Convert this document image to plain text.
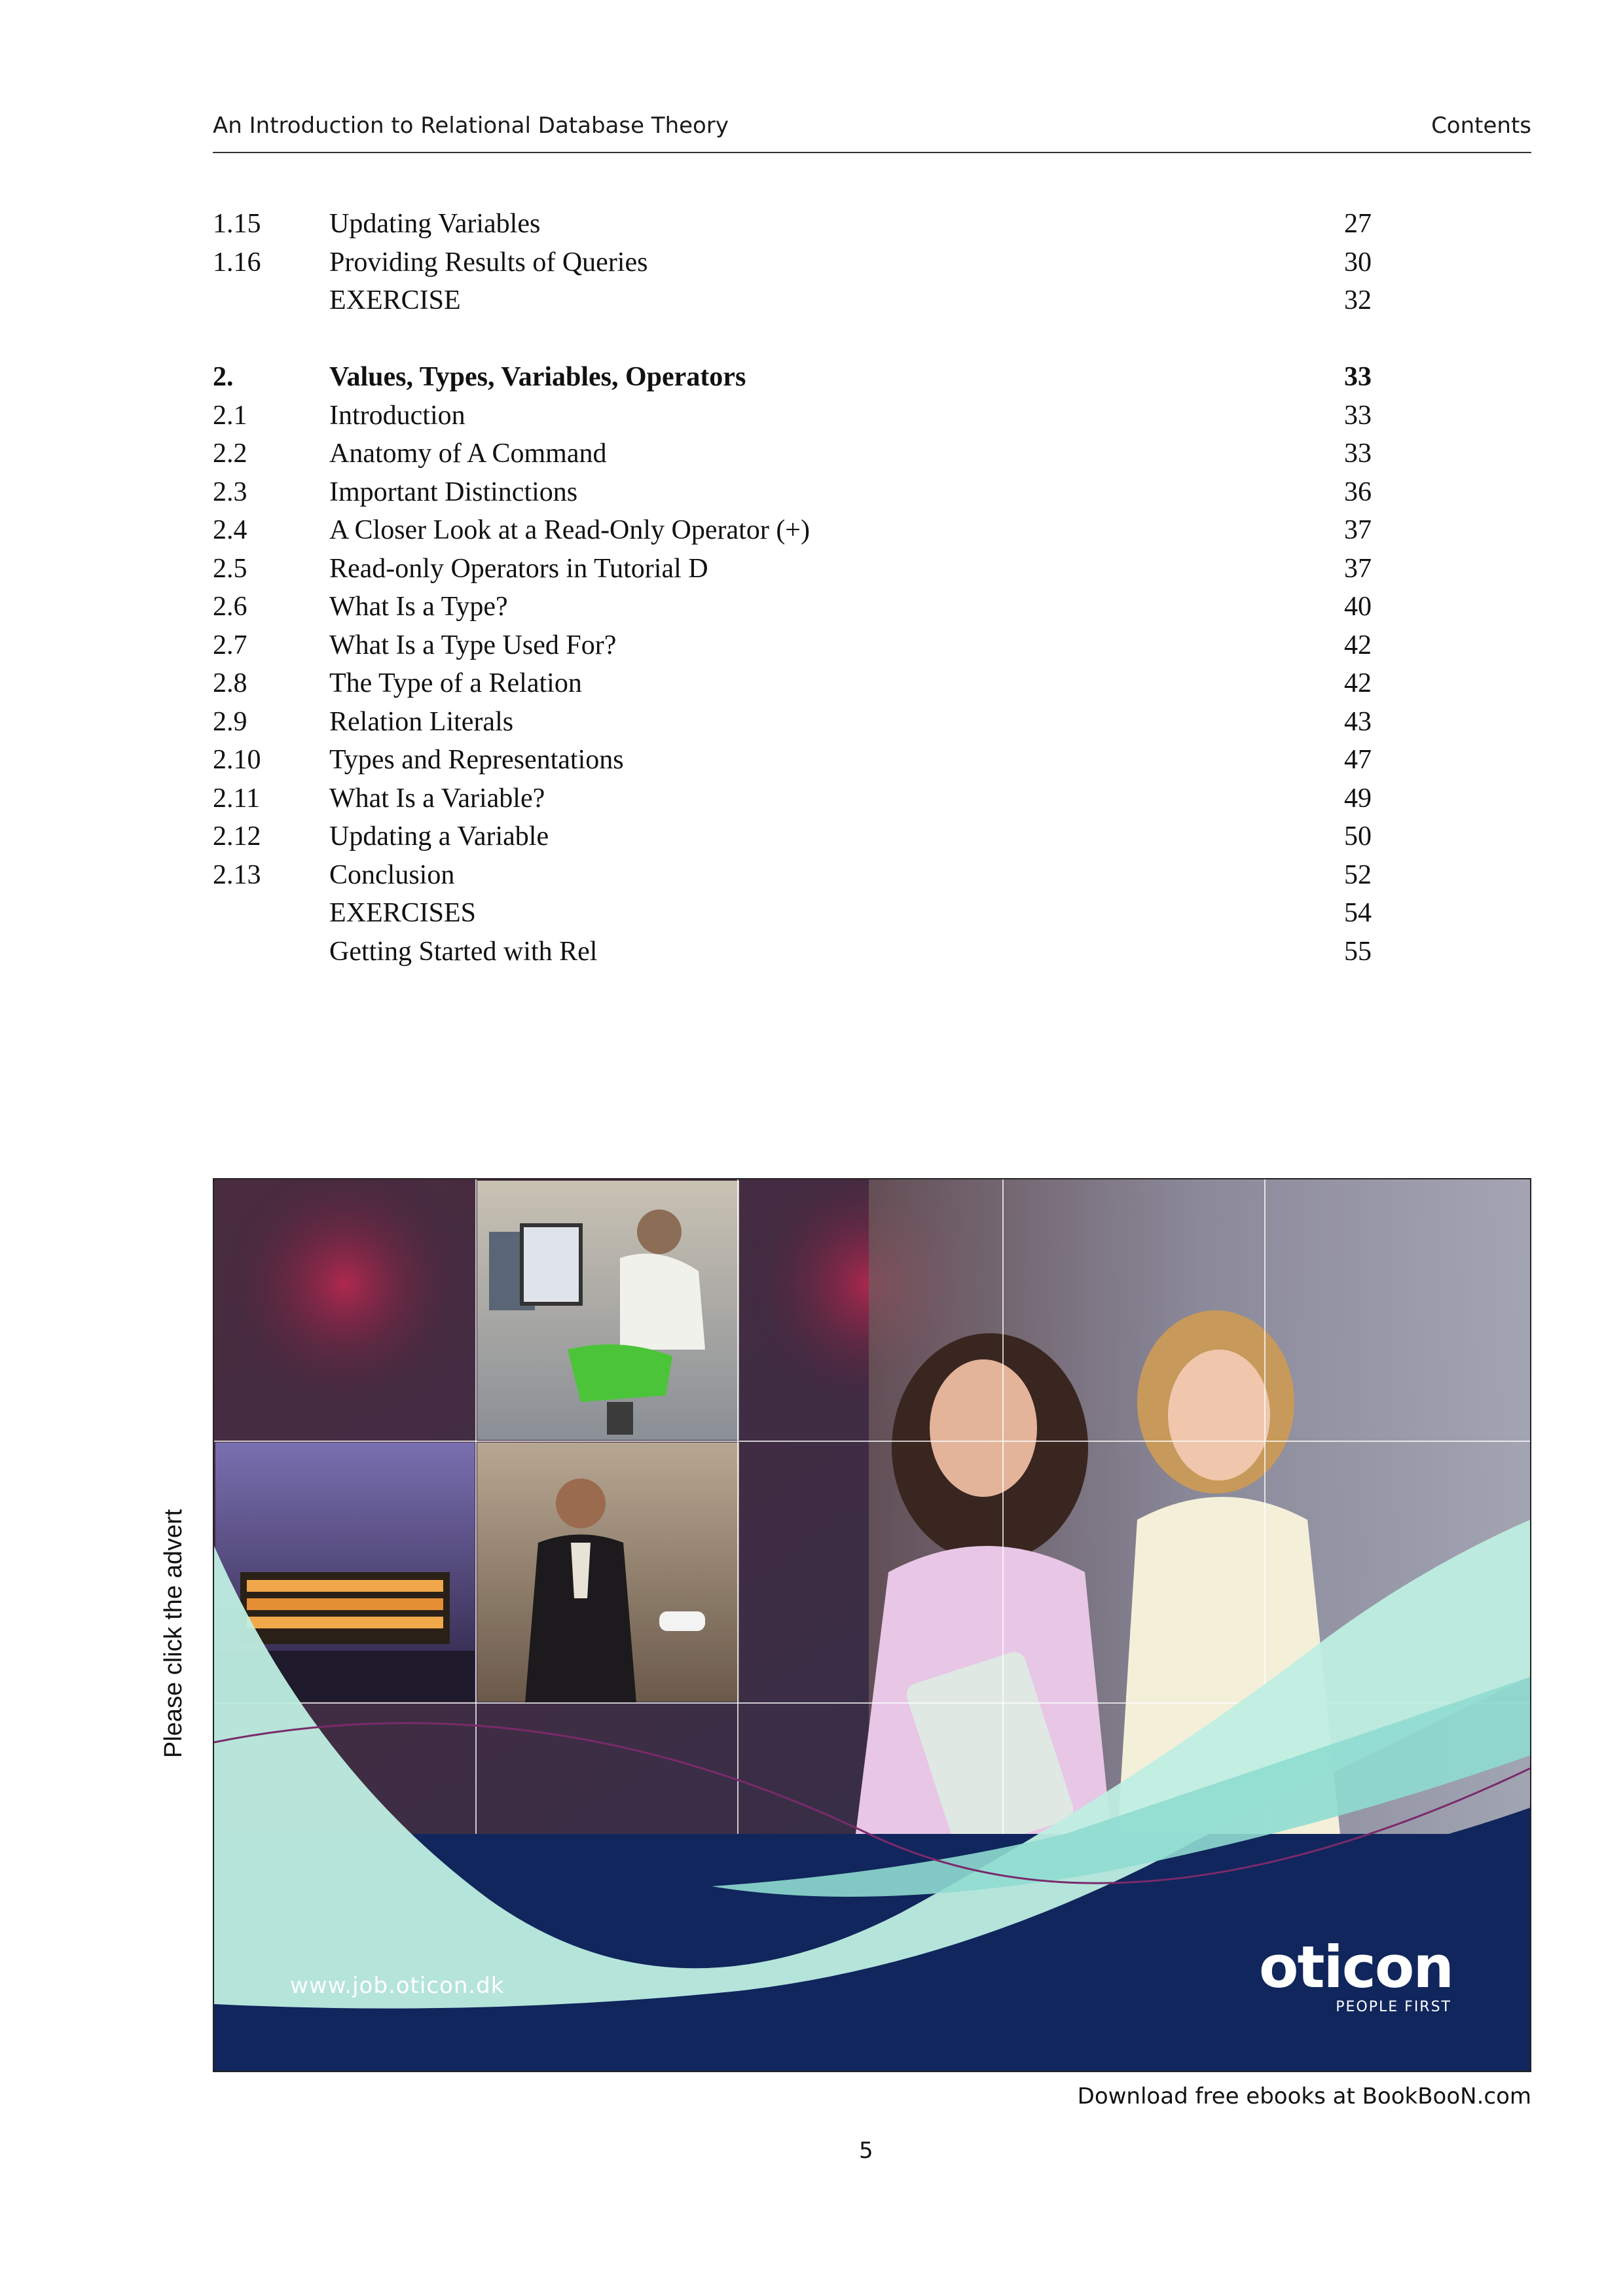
An Introduction to Relational Database Theory	Contents
1.15 Updating Variables	27
1.16 Providing Results of Queries	30
EXERCISE	32
2.	Values, Types, Variables, Operators	33
2.1	Introduction	33
2.2	Anatomy of A Command	33
2.3	Important Distinctions	36
2.4	A Closer Look at a Read-Only Operator (+)	37
2.5	Read-only Operators in Tutorial D	37
2.6	What Is a Type?	40
2.7	What Is a Type Used For?	42
2.8	The Type of a Relation	42
2.9	Relation Literals	43
2.10 Types and Representations	47
2.11	What Is a Variable?	49
2.12 Updating a Variable	50
2.13 Conclusion	52
EXERCISES	54
Getting Started with Rel	55
Please click the advert
www.job.oticon.dk	oticon
PEOPLE FIRST
Download free ebooks at BookBooN.com
5
